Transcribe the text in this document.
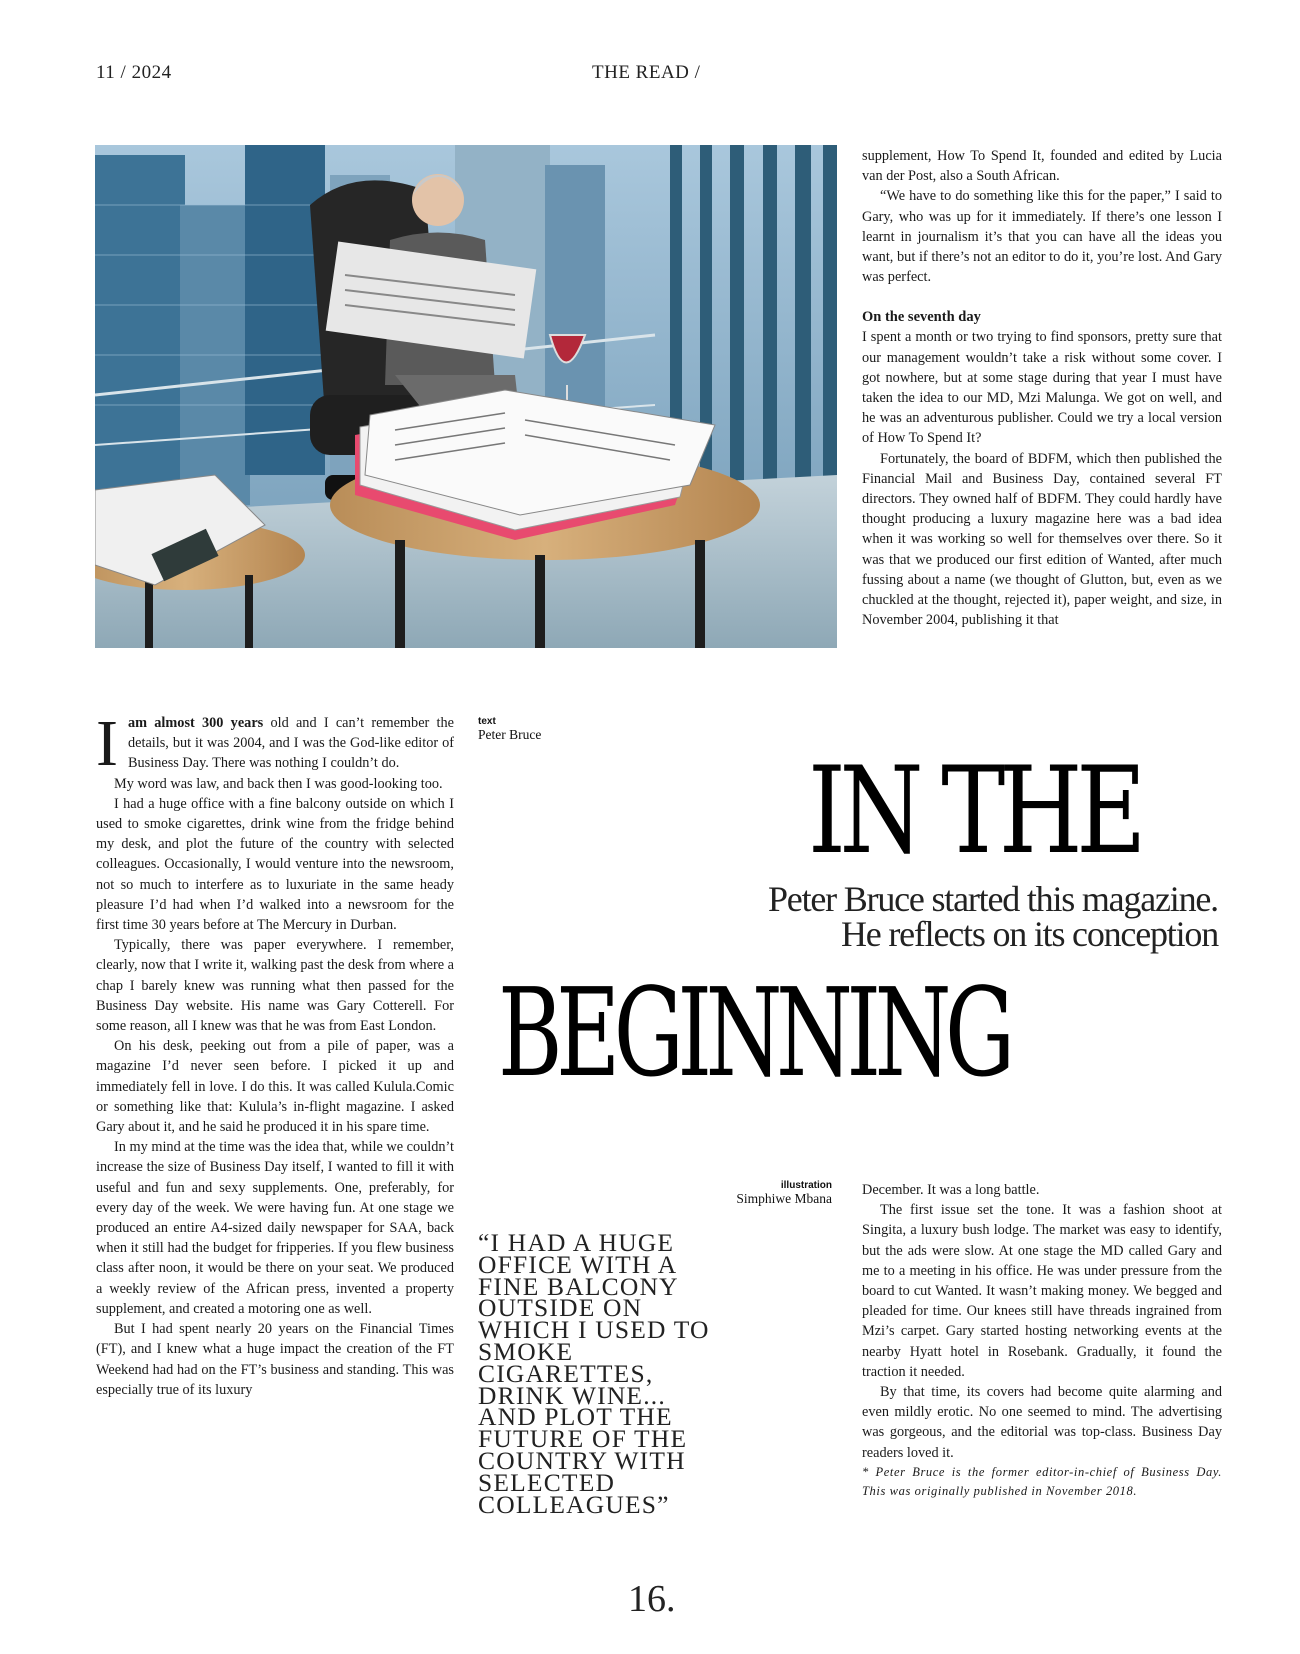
11 / 2024	THE READ /

supplement, How To Spend It, founded and edited by Lucia van der Post, also a South African.

“We have to do something like this for the paper,” I said to Gary, who was up for it immediately. If there’s one lesson I learnt in journalism it’s that you can have all the ideas you want, but if there’s not an editor to do it, you’re lost. And Gary was perfect.

On the seventh day

I spent a month or two trying to find sponsors, pretty sure that our management wouldn’t take a risk without some cover. I got nowhere, but at some stage during that year I must have taken the idea to our MD, Mzi Malunga. We got on well, and he was an adventurous publisher. Could we try a local version of How To Spend It?

Fortunately, the board of BDFM, which then published the Financial Mail and Business Day, contained several FT directors. They owned half of BDFM. They could hardly have thought producing a luxury magazine here was a bad idea when it was working so well for themselves over there. So it was that we produced our first edition of Wanted, after much fussing about a name (we thought of Glutton, but, even as we chuckled at the thought, rejected it), paper weight, and size, in November 2004, publishing it that

I am almost 300 years old and I can’t remember the details, but it was 2004, and I was the God-like editor of Business Day. There was nothing I couldn’t do.

My word was law, and back then I was good-looking too.

I had a huge office with a fine balcony outside on which I used to smoke cigarettes, drink wine from the fridge behind my desk, and plot the future of the country with selected colleagues. Occasionally, I would venture into the newsroom, not so much to interfere as to luxuriate in the same heady pleasure I’d had when I’d walked into a newsroom for the first time 30 years before at The Mercury in Durban.

Typically, there was paper everywhere. I remember, clearly, now that I write it, walking past the desk from where a chap I barely knew was running what then passed for the Business Day website. His name was Gary Cotterell. For some reason, all I knew was that he was from East London.

On his desk, peeking out from a pile of paper, was a magazine I’d never seen before. I picked it up and immediately fell in love. I do this. It was called Kulula.Comic or something like that: Kulula’s in-flight magazine. I asked Gary about it, and he said he produced it in his spare time.

In my mind at the time was the idea that, while we couldn’t increase the size of Business Day itself, I wanted to fill it with useful and fun and sexy supplements. One, preferably, for every day of the week. We were having fun. At one stage we produced an entire A4-sized daily newspaper for SAA, back when it still had the budget for fripperies. If you flew business class after noon, it would be there on your seat. We produced a weekly review of the African press, invented a property supplement, and created a motoring one as well.

But I had spent nearly 20 years on the Financial Times (FT), and I knew what a huge impact the creation of the FT Weekend had had on the FT’s business and standing. This was especially true of its luxury

text
Peter Bruce
illustration
Simphiwe Mbana
IN THE
Peter Bruce started this magazine.
He reflects on its conception
BEGINNING
“I HAD A HUGE OFFICE WITH A FINE BALCONY OUTSIDE ON WHICH I USED TO SMOKE CIGARETTES, DRINK WINE... AND PLOT THE FUTURE OF THE COUNTRY WITH SELECTED COLLEAGUES”

December. It was a long battle.

The first issue set the tone. It was a fashion shoot at Singita, a luxury bush lodge. The market was easy to identify, but the ads were slow. At one stage the MD called Gary and me to a meeting in his office. He was under pressure from the board to cut Wanted. It wasn’t making money. We begged and pleaded for time. Our knees still have threads ingrained from Mzi’s carpet. Gary started hosting networking events at the nearby Hyatt hotel in Rosebank. Gradually, it found the traction it needed.

By that time, its covers had become quite alarming and even mildly erotic. No one seemed to mind. The advertising was gorgeous, and the editorial was top-class. Business Day readers loved it.

* Peter Bruce is the former editor-in-chief of Business Day. This was originally published in November 2018.
16.
